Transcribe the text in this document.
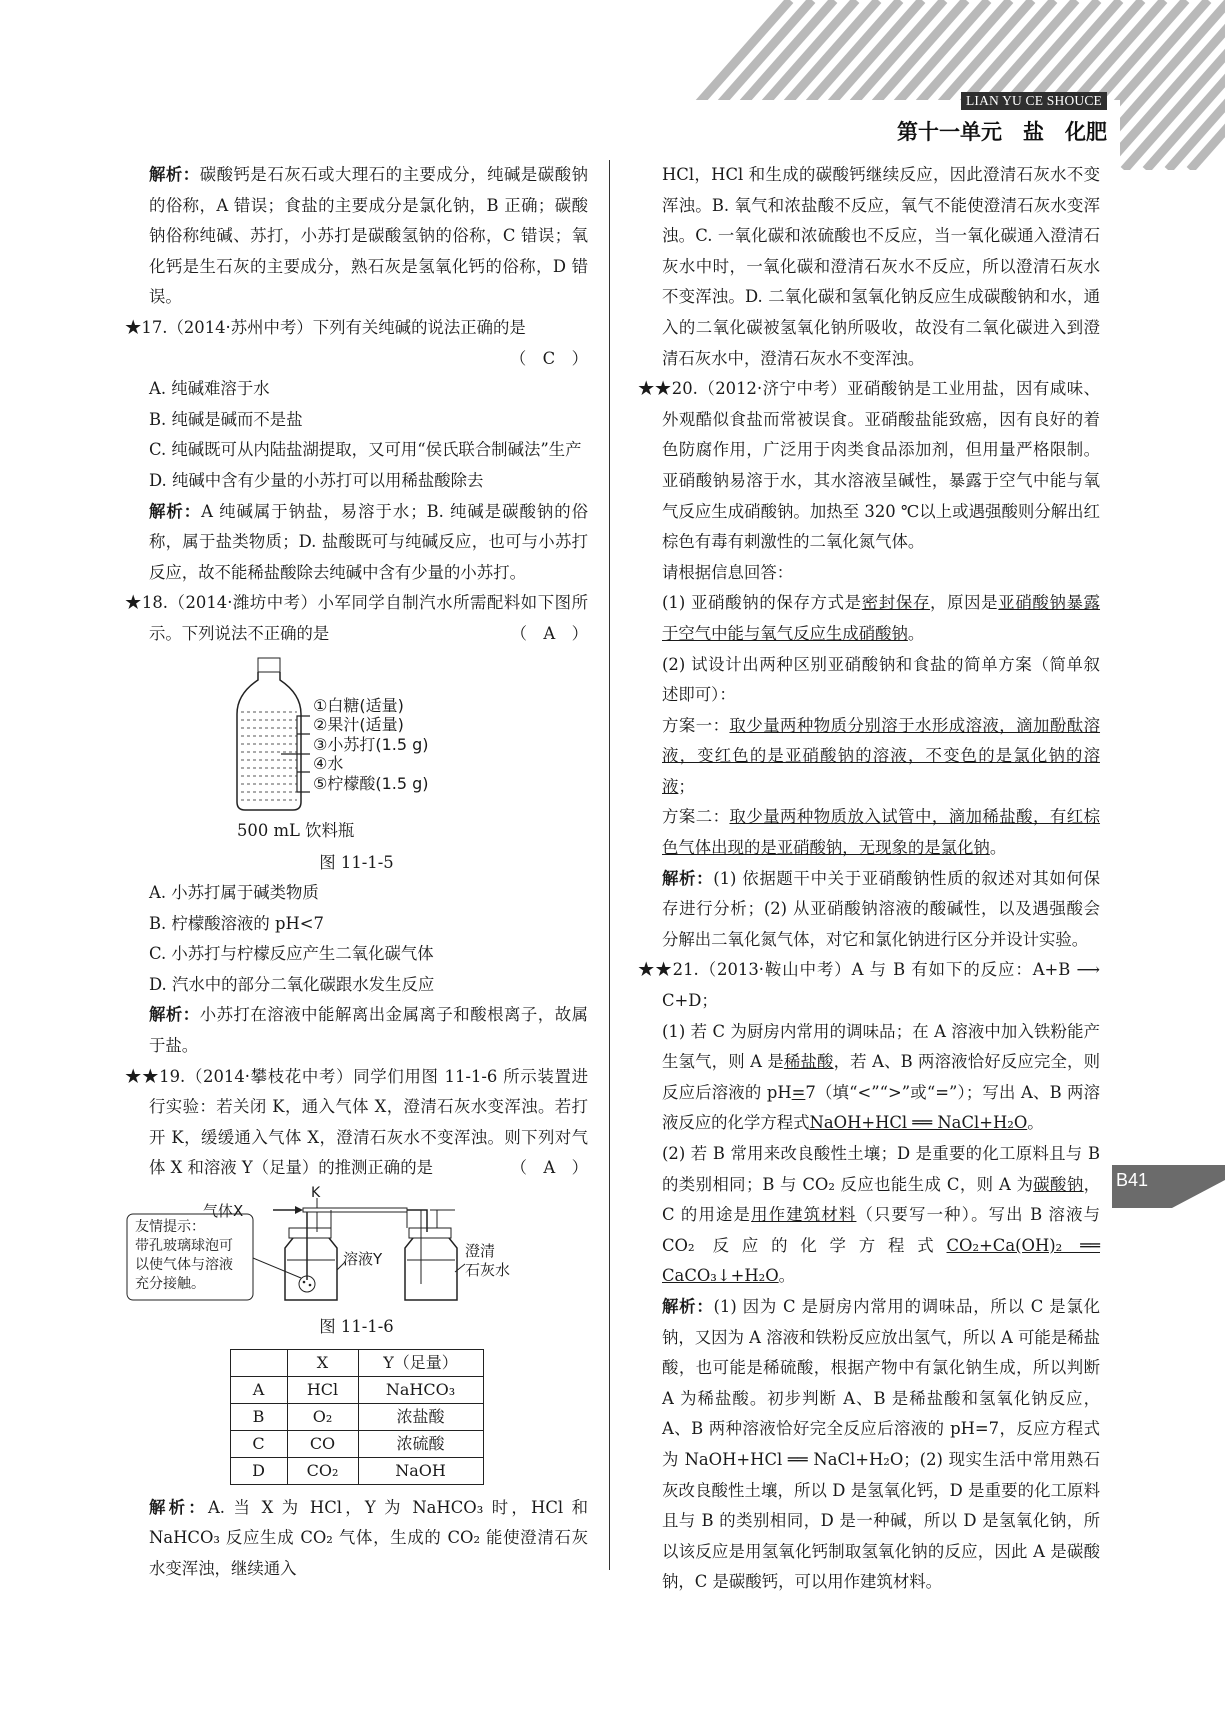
LIAN YU CE SHOUCE
第十一单元　盐　化肥
B41

解析：碳酸钙是石灰石或大理石的主要成分，纯碱是碳酸钠的俗称，A 错误；食盐的主要成分是氯化钠，B 正确；碳酸钠俗称纯碱、苏打，小苏打是碳酸氢钠的俗称，C 错误；氧化钙是生石灰的主要成分，熟石灰是氢氧化钙的俗称，D 错误。

★17.（2014·苏州中考）下列有关纯碱的说法正确的是

（　C　）

A. 纯碱难溶于水

B. 纯碱是碱而不是盐

C. 纯碱既可从内陆盐湖提取，又可用“侯氏联合制碱法”生产

D. 纯碱中含有少量的小苏打可以用稀盐酸除去

解析：A 纯碱属于钠盐，易溶于水；B. 纯碱是碳酸钠的俗称，属于盐类物质；D. 盐酸既可与纯碱反应，也可与小苏打反应，故不能稀盐酸除去纯碱中含有少量的小苏打。

★18.（2014·潍坊中考）小军同学自制汽水所需配料如下图所示。下列说法不正确的是	（　A　）

①白糖(适量)
②果汁(适量)
③小苏打(1.5 g)
④水
⑤柠檬酸(1.5 g)
500 mL 饮料瓶

图 11-1-5

A. 小苏打属于碱类物质

B. 柠檬酸溶液的 pH<7

C. 小苏打与柠檬反应产生二氧化碳气体

D. 汽水中的部分二氧化碳跟水发生反应

解析：小苏打在溶液中能解离出金属离子和酸根离子，故属于盐。

★★19.（2014·攀枝花中考）同学们用图 11-1-6 所示装置进行实验：若关闭 K，通入气体 X，澄清石灰水变浑浊。若打开 K，缓缓通入气体 X，澄清石灰水不变浑浊。则下列对气体 X 和溶液 Y（足量）的推测正确的是	（　A　）

气体X
K
友情提示：
带孔玻璃球泡可
以使气体与溶液
充分接触。
溶液Y	澄清
石灰水

图 11-1-6

	X	Y（足量）
A	HCl	NaHCO₃
B	O₂	浓盐酸
C	CO	浓硫酸
D	CO₂	NaOH

解析：A. 当 X 为 HCl，Y 为 NaHCO₃ 时，HCl 和 NaHCO₃ 反应生成 CO₂ 气体，生成的 CO₂ 能使澄清石灰水变浑浊，继续通入

HCl，HCl 和生成的碳酸钙继续反应，因此澄清石灰水不变浑浊。B. 氧气和浓盐酸不反应，氧气不能使澄清石灰水变浑浊。C. 一氧化碳和浓硫酸也不反应，当一氧化碳通入澄清石灰水中时，一氧化碳和澄清石灰水不反应，所以澄清石灰水不变浑浊。D. 二氧化碳和氢氧化钠反应生成碳酸钠和水，通入的二氧化碳被氢氧化钠所吸收，故没有二氧化碳进入到澄清石灰水中，澄清石灰水不变浑浊。

★★20.（2012·济宁中考）亚硝酸钠是工业用盐，因有咸味、外观酷似食盐而常被误食。亚硝酸盐能致癌，因有良好的着色防腐作用，广泛用于肉类食品添加剂，但用量严格限制。亚硝酸钠易溶于水，其水溶液呈碱性，暴露于空气中能与氧气反应生成硝酸钠。加热至 320 ℃以上或遇强酸则分解出红棕色有毒有刺激性的二氧化氮气体。

请根据信息回答：

(1) 亚硝酸钠的保存方式是密封保存，原因是亚硝酸钠暴露于空气中能与氧气反应生成硝酸钠。

(2) 试设计出两种区别亚硝酸钠和食盐的简单方案（简单叙述即可）：

方案一：取少量两种物质分别溶于水形成溶液，滴加酚酞溶液，变红色的是亚硝酸钠的溶液，不变色的是氯化钠的溶液；

方案二：取少量两种物质放入试管中，滴加稀盐酸，有红棕色气体出现的是亚硝酸钠，无现象的是氯化钠。

解析：(1) 依据题干中关于亚硝酸钠性质的叙述对其如何保存进行分析；(2) 从亚硝酸钠溶液的酸碱性，以及遇强酸会分解出二氧化氮气体，对它和氯化钠进行区分并设计实验。

★★21.（2013·鞍山中考）A 与 B 有如下的反应：A+B ⟶ C+D；

(1) 若 C 为厨房内常用的调味品；在 A 溶液中加入铁粉能产生氢气，则 A 是稀盐酸，若 A、B 两溶液恰好反应完全，则反应后溶液的 pH=7（填“<”“>”或“=”）；写出 A、B 两溶液反应的化学方程式NaOH+HCl ══ NaCl+H₂O。

(2) 若 B 常用来改良酸性土壤；D 是重要的化工原料且与 B 的类别相同；B 与 CO₂ 反应也能生成 C，则 A 为碳酸钠，C 的用途是用作建筑材料（只要写一种）。写出 B 溶液与 CO₂ 反应的化学方程式CO₂+Ca(OH)₂ ══ CaCO₃↓+H₂O。

解析：(1) 因为 C 是厨房内常用的调味品，所以 C 是氯化钠，又因为 A 溶液和铁粉反应放出氢气，所以 A 可能是稀盐酸，也可能是稀硫酸，根据产物中有氯化钠生成，所以判断 A 为稀盐酸。初步判断 A、B 是稀盐酸和氢氧化钠反应，A、B 两种溶液恰好完全反应后溶液的 pH=7，反应方程式为 NaOH+HCl ══ NaCl+H₂O；(2) 现实生活中常用熟石灰改良酸性土壤，所以 D 是氢氧化钙，D 是重要的化工原料且与 B 的类别相同，D 是一种碱，所以 D 是氢氧化钠，所以该反应是用氢氧化钙制取氢氧化钠的反应，因此 A 是碳酸钠，C 是碳酸钙，可以用作建筑材料。
